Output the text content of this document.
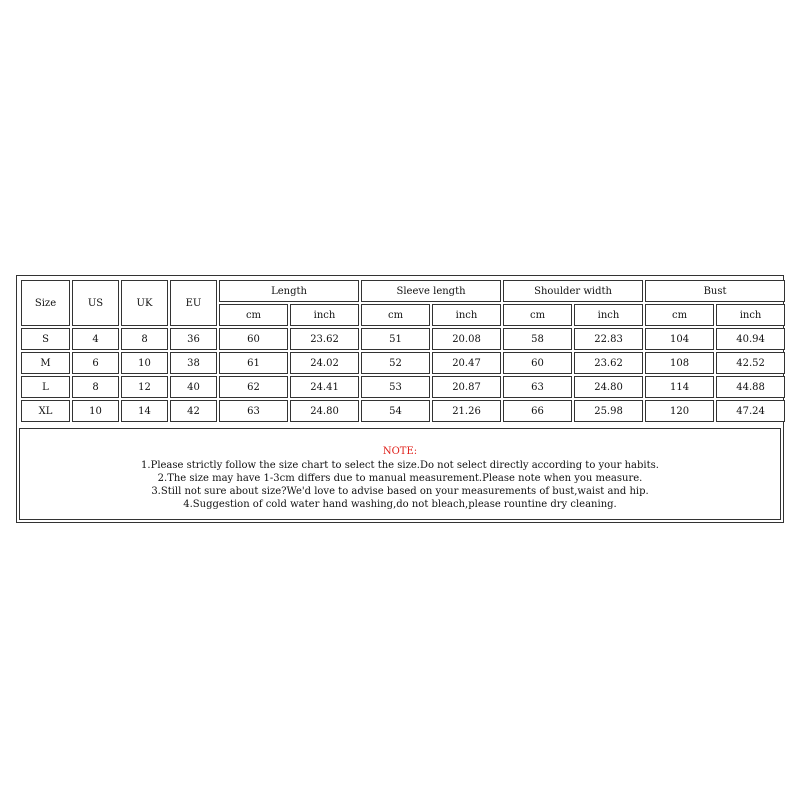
Size	US	UK	EU	Length		Sleeve length		Shoulder width		Bust	
				cm	inch	cm	inch	cm	inch	cm	inch
S	4	8	36	60	23.62	51	20.08	58	22.83	104	40.94
M	6	10	38	61	24.02	52	20.47	60	23.62	108	42.52
L	8	12	40	62	24.41	53	20.87	63	24.80	114	44.88
XL	10	14	42	63	24.80	54	21.26	66	25.98	120	47.24
NOTE:
1.Please strictly follow the size chart to select the size.Do not select directly according to your habits.
2.The size may have 1-3cm differs due to manual measurement.Please note when you measure.
3.Still not sure about size?We'd love to advise based on your measurements of bust,waist and hip.
4.Suggestion of cold water hand washing,do not bleach,please rountine dry cleaning.
